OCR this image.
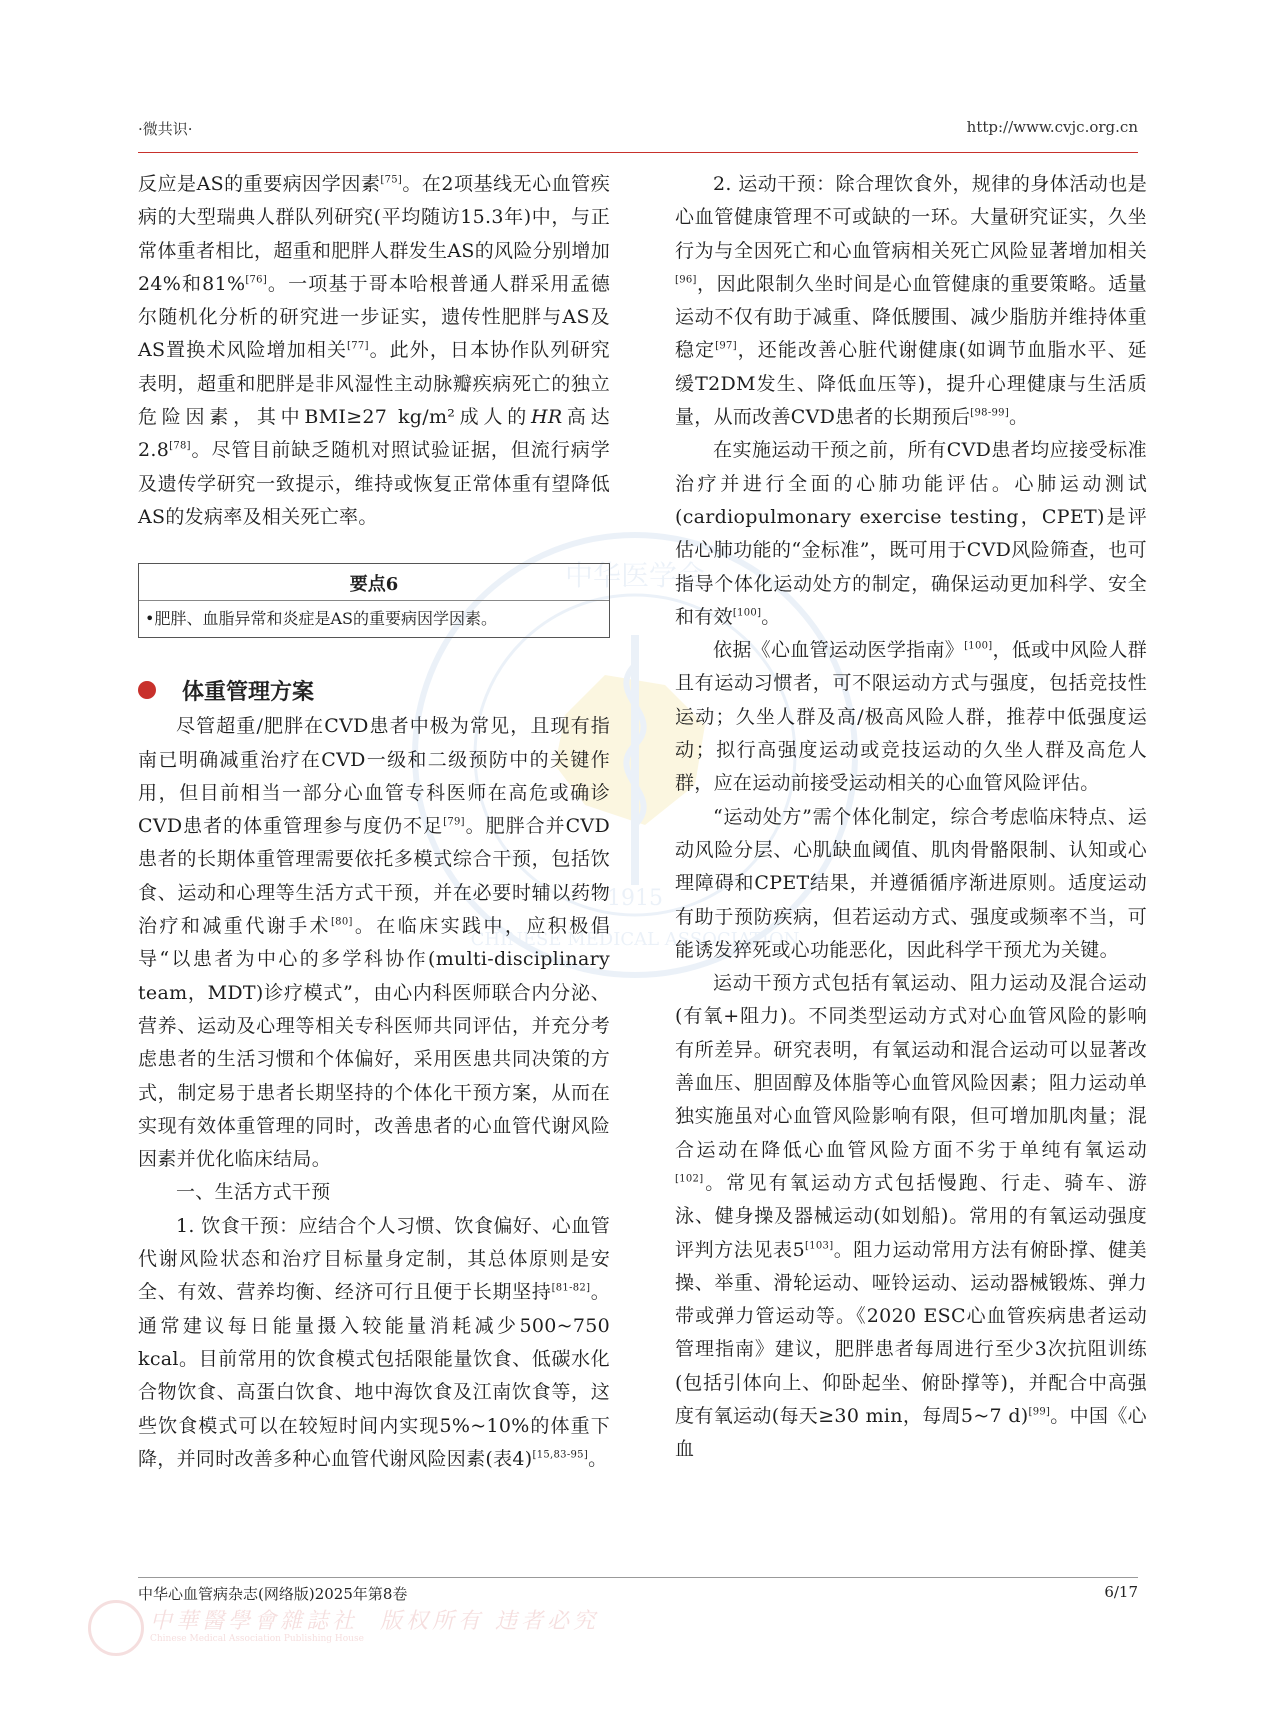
中华医学会
1915
CHINESE MEDICAL ASSOCIATION
·微共识·	http://www.cvjc.org.cn

反应是AS的重要病因学因素[75]。在2项基线无心血管疾病的大型瑞典人群队列研究(平均随访15.3年)中，与正常体重者相比，超重和肥胖人群发生AS的风险分别增加24%和81%[76]。一项基于哥本哈根普通人群采用孟德尔随机化分析的研究进一步证实，遗传性肥胖与AS及AS置换术风险增加相关[77]。此外，日本协作队列研究表明，超重和肥胖是非风湿性主动脉瓣疾病死亡的独立危险因素，其中BMI≥27 kg/m²成人的HR高达2.8[78]。尽管目前缺乏随机对照试验证据，但流行病学及遗传学研究一致提示，维持或恢复正常体重有望降低AS的发病率及相关死亡率。

要点6
•肥胖、血脂异常和炎症是AS的重要病因学因素。
体重管理方案

尽管超重/肥胖在CVD患者中极为常见，且现有指南已明确减重治疗在CVD一级和二级预防中的关键作用，但目前相当一部分心血管专科医师在高危或确诊CVD患者的体重管理参与度仍不足[79]。肥胖合并CVD患者的长期体重管理需要依托多模式综合干预，包括饮食、运动和心理等生活方式干预，并在必要时辅以药物治疗和减重代谢手术[80]。在临床实践中，应积极倡导“以患者为中心的多学科协作(multi-disciplinary team，MDT)诊疗模式”，由心内科医师联合内分泌、营养、运动及心理等相关专科医师共同评估，并充分考虑患者的生活习惯和个体偏好，采用医患共同决策的方式，制定易于患者长期坚持的个体化干预方案，从而在实现有效体重管理的同时，改善患者的心血管代谢风险因素并优化临床结局。

一、生活方式干预

1. 饮食干预：应结合个人习惯、饮食偏好、心血管代谢风险状态和治疗目标量身定制，其总体原则是安全、有效、营养均衡、经济可行且便于长期坚持[81-82]。通常建议每日能量摄入较能量消耗减少500~750 kcal。目前常用的饮食模式包括限能量饮食、低碳水化合物饮食、高蛋白饮食、地中海饮食及江南饮食等，这些饮食模式可以在较短时间内实现5%~10%的体重下降，并同时改善多种心血管代谢风险因素(表4)[15,83-95]。

2. 运动干预：除合理饮食外，规律的身体活动也是心血管健康管理不可或缺的一环。大量研究证实，久坐行为与全因死亡和心血管病相关死亡风险显著增加相关[96]，因此限制久坐时间是心血管健康的重要策略。适量运动不仅有助于减重、降低腰围、减少脂肪并维持体重稳定[97]，还能改善心脏代谢健康(如调节血脂水平、延缓T2DM发生、降低血压等)，提升心理健康与生活质量，从而改善CVD患者的长期预后[98-99]。

在实施运动干预之前，所有CVD患者均应接受标准治疗并进行全面的心肺功能评估。心肺运动测试(cardiopulmonary exercise testing，CPET)是评估心肺功能的“金标准”，既可用于CVD风险筛查，也可指导个体化运动处方的制定，确保运动更加科学、安全和有效[100]。

依据《心血管运动医学指南》[100]，低或中风险人群且有运动习惯者，可不限运动方式与强度，包括竞技性运动；久坐人群及高/极高风险人群，推荐中低强度运动；拟行高强度运动或竞技运动的久坐人群及高危人群，应在运动前接受运动相关的心血管风险评估。

“运动处方”需个体化制定，综合考虑临床特点、运动风险分层、心肌缺血阈值、肌肉骨骼限制、认知或心理障碍和CPET结果，并遵循循序渐进原则。适度运动有助于预防疾病，但若运动方式、强度或频率不当，可能诱发猝死或心功能恶化，因此科学干预尤为关键。

运动干预方式包括有氧运动、阻力运动及混合运动(有氧+阻力)。不同类型运动方式对心血管风险的影响有所差异。研究表明，有氧运动和混合运动可以显著改善血压、胆固醇及体脂等心血管风险因素；阻力运动单独实施虽对心血管风险影响有限，但可增加肌肉量；混合运动在降低心血管风险方面不劣于单纯有氧运动[102]。常见有氧运动方式包括慢跑、行走、骑车、游泳、健身操及器械运动(如划船)。常用的有氧运动强度评判方法见表5[103]。阻力运动常用方法有俯卧撑、健美操、举重、滑轮运动、哑铃运动、运动器械锻炼、弹力带或弹力管运动等。《2020 ESC心血管疾病患者运动管理指南》建议，肥胖患者每周进行至少3次抗阻训练(包括引体向上、仰卧起坐、俯卧撑等)，并配合中高强度有氧运动(每天≥30 min，每周5~7 d)[99]。中国《心血

中华心血管病杂志(网络版)2025年第8卷	6/17
中華醫學會雜誌社 版权所有 违者必究
Chinese Medical Association Publishing House
